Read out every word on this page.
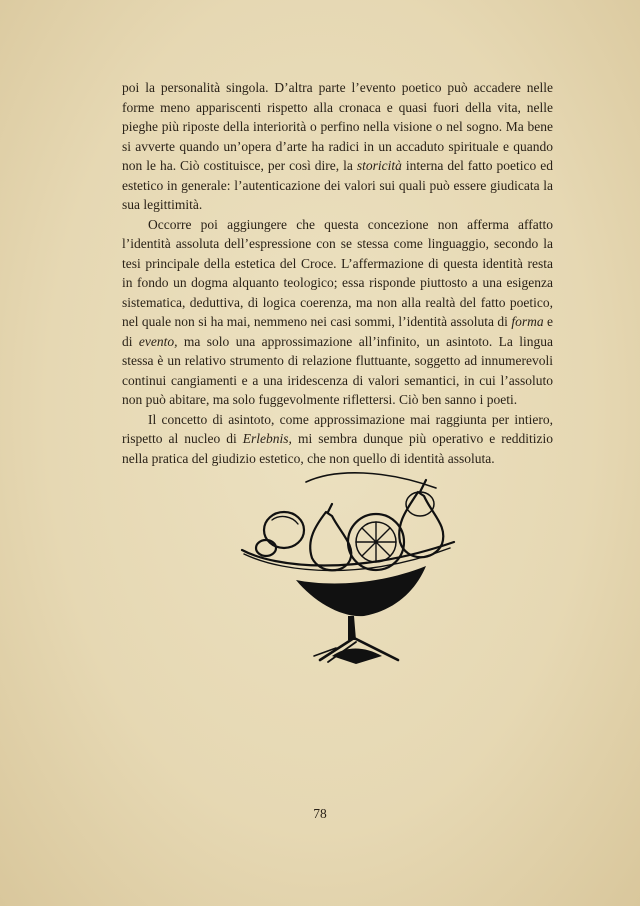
poi la personalità singola. D’altra parte l’evento poetico può accadere nelle forme meno appariscenti rispetto alla cronaca e quasi fuori della vita, nelle pieghe più riposte della interiorità o perfino nella visione o nel sogno. Ma bene si avverte quando un’opera d’arte ha radici in un accaduto spirituale e quando non le ha. Ciò costituisce, per così dire, la storicità interna del fatto poetico ed estetico in generale: l’autenticazione dei valori sui quali può essere giudicata la sua legittimità.

Occorre poi aggiungere che questa concezione non afferma affatto l’identità assoluta dell’espressione con se stessa come linguaggio, secondo la tesi principale della estetica del Croce. L’affermazione di questa identità resta in fondo un dogma alquanto teologico; essa risponde piuttosto a una esigenza sistematica, deduttiva, di logica coerenza, ma non alla realtà del fatto poetico, nel quale non si ha mai, nemmeno nei casi sommi, l’identità assoluta di forma e di evento, ma solo una approssimazione all’infinito, un asintoto. La lingua stessa è un relativo strumento di relazione fluttuante, soggetto ad innumerevoli continui cangiamenti e a una iridescenza di valori semantici, in cui l’assoluto non può abitare, ma solo fuggevolmente riflettersi. Ciò ben sanno i poeti.

Il concetto di asintoto, come approssimazione mai raggiunta per intiero, rispetto al nucleo di Erlebnis, mi sembra dunque più operativo e redditizio nella pratica del giudizio estetico, che non quello di identità assoluta.

78
